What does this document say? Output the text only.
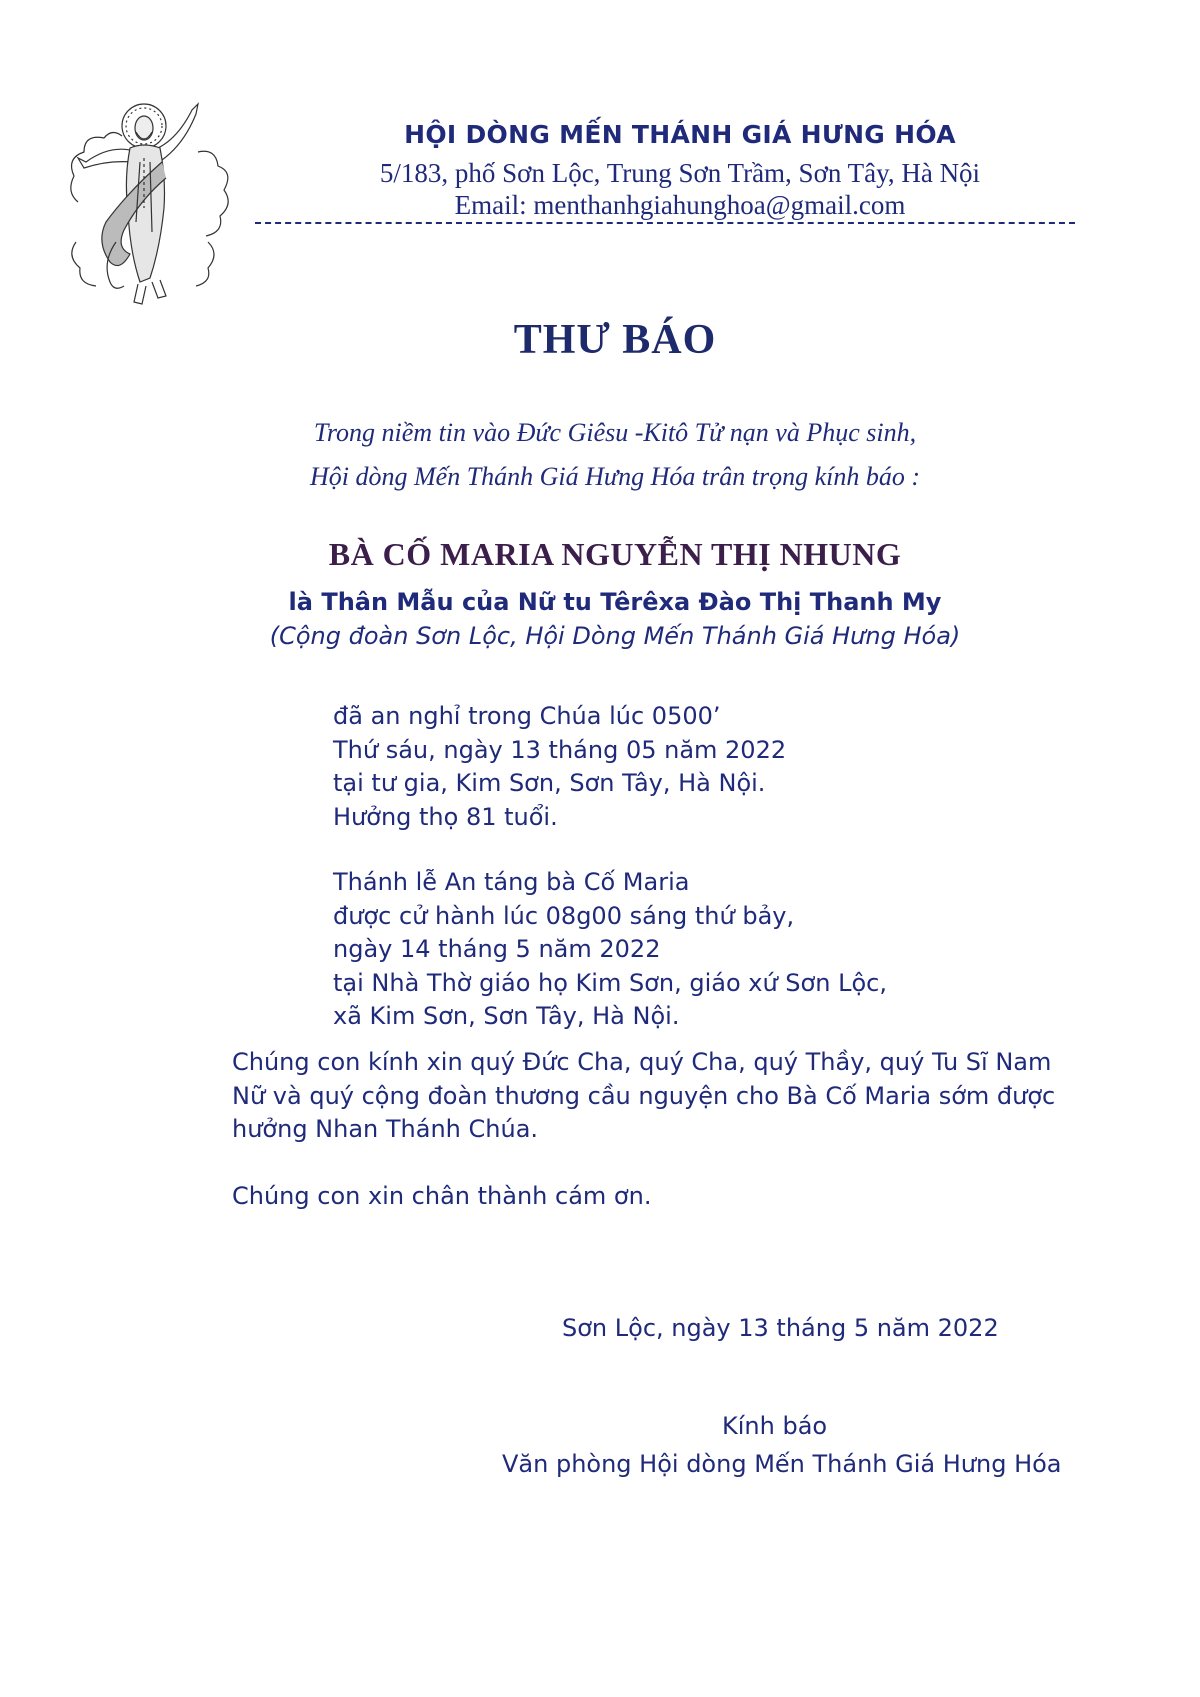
HỘI DÒNG MẾN THÁNH GIÁ HƯNG HÓA

5/183, phố Sơn Lộc, Trung Sơn Trầm, Sơn Tây, Hà Nội

Email: menthanhgiahunghoa@gmail.com

THƯ BÁO

Trong niềm tin vào Đức Giêsu -Kitô Tử nạn và Phục sinh,

Hội dòng Mến Thánh Giá Hưng Hóa trân trọng kính báo :

BÀ CỐ MARIA NGUYỄN THỊ NHUNG

là Thân Mẫu của Nữ tu Têrêxa Đào Thị Thanh My

(Cộng đoàn Sơn Lộc, Hội Dòng Mến Thánh Giá Hưng Hóa)

đã an nghỉ trong Chúa lúc 0500’
Thứ sáu, ngày 13 tháng 05 năm 2022
tại tư gia, Kim Sơn, Sơn Tây, Hà Nội.
Hưởng thọ 81 tuổi.
Thánh lễ An táng bà Cố Maria
được cử hành lúc 08g00 sáng thứ bảy,
ngày 14 tháng 5 năm 2022
tại Nhà Thờ giáo họ Kim Sơn, giáo xứ Sơn Lộc,
xã Kim Sơn, Sơn Tây, Hà Nội.
Chúng con kính xin quý Đức Cha, quý Cha, quý Thầy, quý Tu Sĩ Nam
Nữ và quý cộng đoàn thương cầu nguyện cho Bà Cố Maria sớm được
hưởng Nhan Thánh Chúa.
Chúng con xin chân thành cám ơn.

Sơn Lộc, ngày 13 tháng 5 năm 2022

Kính báo

Văn phòng Hội dòng Mến Thánh Giá Hưng Hóa
